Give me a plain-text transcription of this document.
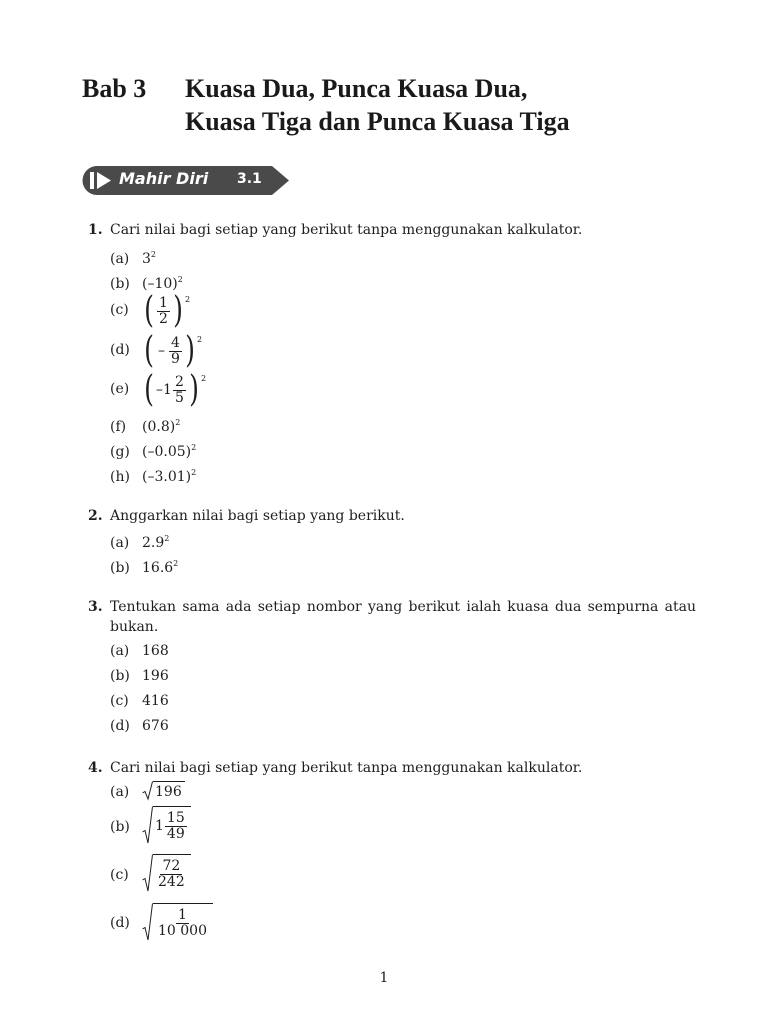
Bab 3 Kuasa Dua, Punca Kuasa Dua,
Kuasa Tiga dan Punca Kuasa Tiga
Mahir Diri 3.1
1. Cari nilai bagi setiap yang berikut tanpa menggunakan kalkulator.
(a) $3^2$
(b) $(-10)^2$
(c) ( $\frac{1}{2}$ ) 2
(d) ( – $\frac{4}{9}$ ) 2
(e) ( – $1 \frac{2}{5}$ ) 2
(f) $(0.8)^2$
(g) $(-0.05)^2$
(h) $(-3.01)^2$
2. Anggarkan nilai bagi setiap yang berikut.
(a) $2.9^2$
(b) 16.6$^2$
3. Tentukan sama ada setiap nombor yang berikut ialah kuasa dua sempurna atau bukan.
(a) 168
(b) 196
(c) 416
(d) 676
4. Cari nilai bagi setiap yang berikut tanpa menggunakan kalkulator.
(a)	196
(b)	$1 \frac{15}{49}$
(c)	$\frac{72}{242}$
(d)	$\frac{1}{10 000}$
1
